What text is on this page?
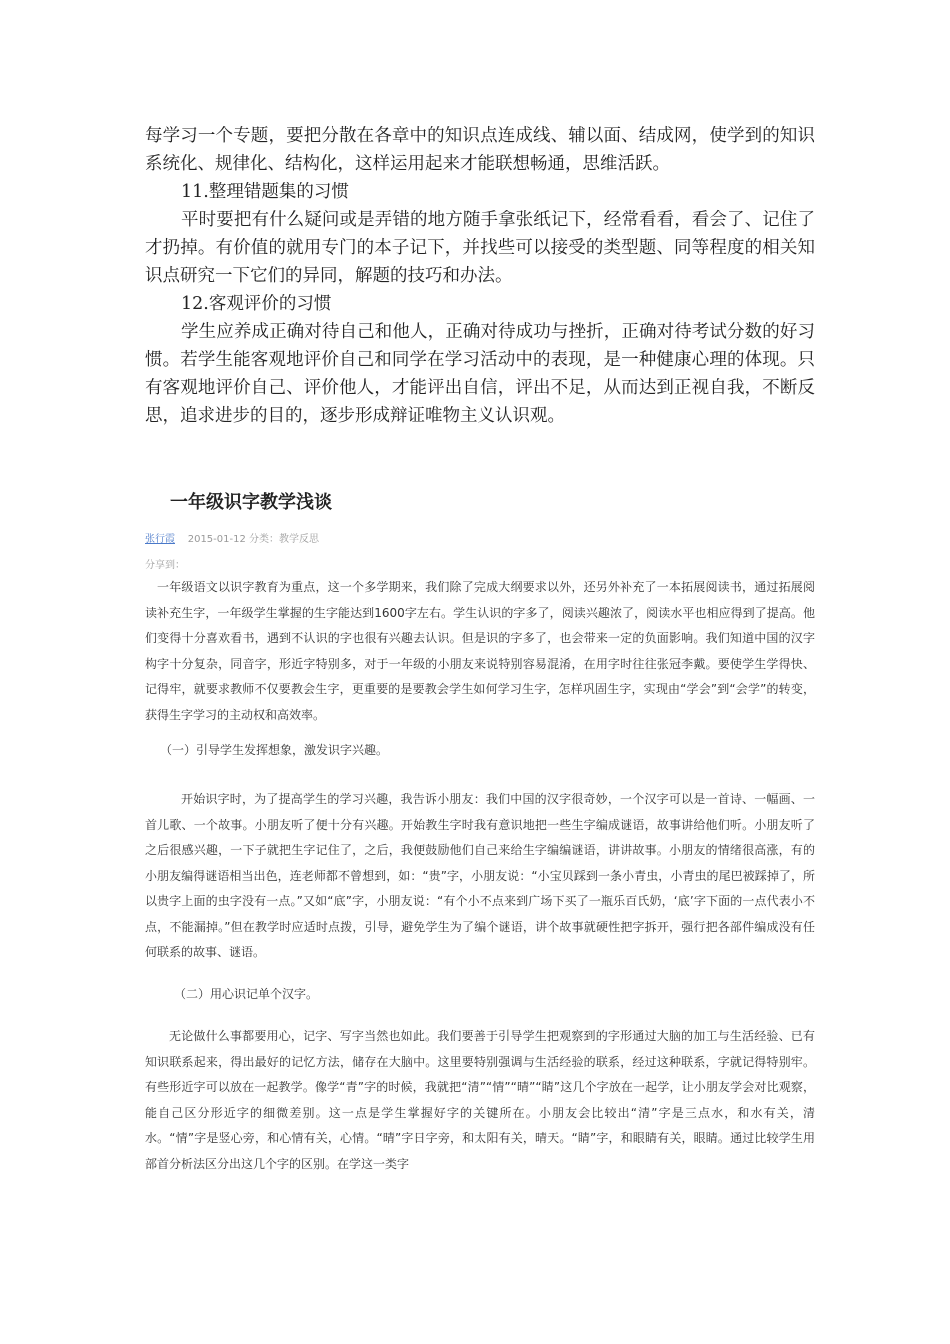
每学习一个专题，要把分散在各章中的知识点连成线、辅以面、结成网，使学到的知识系统化、规律化、结构化，这样运用起来才能联想畅通，思维活跃。

11.整理错题集的习惯

平时要把有什么疑问或是弄错的地方随手拿张纸记下，经常看看，看会了、记住了才扔掉。有价值的就用专门的本子记下，并找些可以接受的类型题、同等程度的相关知识点研究一下它们的异同，解题的技巧和办法。

12.客观评价的习惯

学生应养成正确对待自己和他人，正确对待成功与挫折，正确对待考试分数的好习惯。若学生能客观地评价自己和同学在学习活动中的表现，是一种健康心理的体现。只有客观地评价自己、评价他人，才能评出自信，评出不足，从而达到正视自我，不断反思，追求进步的目的，逐步形成辩证唯物主义认识观。

一年级识字教学浅谈
张行霞 2015-01-12 分类：教学反思
分享到：

一年级语文以识字教育为重点，这一个多学期来，我们除了完成大纲要求以外，还另外补充了一本拓展阅读书，通过拓展阅读补充生字，一年级学生掌握的生字能达到1600字左右。学生认识的字多了，阅读兴趣浓了，阅读水平也相应得到了提高。他们变得十分喜欢看书，遇到不认识的字也很有兴趣去认识。但是识的字多了，也会带来一定的负面影响。我们知道中国的汉字构字十分复杂，同音字，形近字特别多，对于一年级的小朋友来说特别容易混淆，在用字时往往张冠李戴。要使学生学得快、记得牢，就要求教师不仅要教会生字，更重要的是要教会学生如何学习生字，怎样巩固生字，实现由“学会”到“会学”的转变，获得生字学习的主动权和高效率。

（一）引导学生发挥想象，激发识字兴趣。

开始识字时，为了提高学生的学习兴趣，我告诉小朋友：我们中国的汉字很奇妙，一个汉字可以是一首诗、一幅画、一首儿歌、一个故事。小朋友听了便十分有兴趣。开始教生字时我有意识地把一些生字编成谜语，故事讲给他们听。小朋友听了之后很感兴趣，一下子就把生字记住了，之后，我便鼓励他们自己来给生字编编谜语，讲讲故事。小朋友的情绪很高涨，有的小朋友编得谜语相当出色，连老师都不曾想到，如：“贵”字，小朋友说：“小宝贝踩到一条小青虫，小青虫的尾巴被踩掉了，所以贵字上面的虫字没有一点。”又如“底”字，小朋友说：“有个小不点来到广场下买了一瓶乐百氏奶，‘底’字下面的一点代表小不点，不能漏掉。”但在教学时应适时点拨，引导，避免学生为了编个谜语，讲个故事就硬性把字拆开，强行把各部件编成没有任何联系的故事、谜语。

（二）用心识记单个汉字。

无论做什么事都要用心，记字、写字当然也如此。我们要善于引导学生把观察到的字形通过大脑的加工与生活经验、已有知识联系起来，得出最好的记忆方法，储存在大脑中。这里要特别强调与生活经验的联系，经过这种联系，字就记得特别牢。有些形近字可以放在一起教学。像学“青”字的时候，我就把“清”“情”“晴”“睛”这几个字放在一起学，让小朋友学会对比观察，能自己区分形近字的细微差别。这一点是学生掌握好字的关键所在。小朋友会比较出“清”字是三点水，和水有关，清水。“情”字是竖心旁，和心情有关，心情。“晴”字日字旁，和太阳有关，晴天。“睛”字，和眼睛有关，眼睛。通过比较学生用部首分析法区分出这几个字的区别。在学这一类字
